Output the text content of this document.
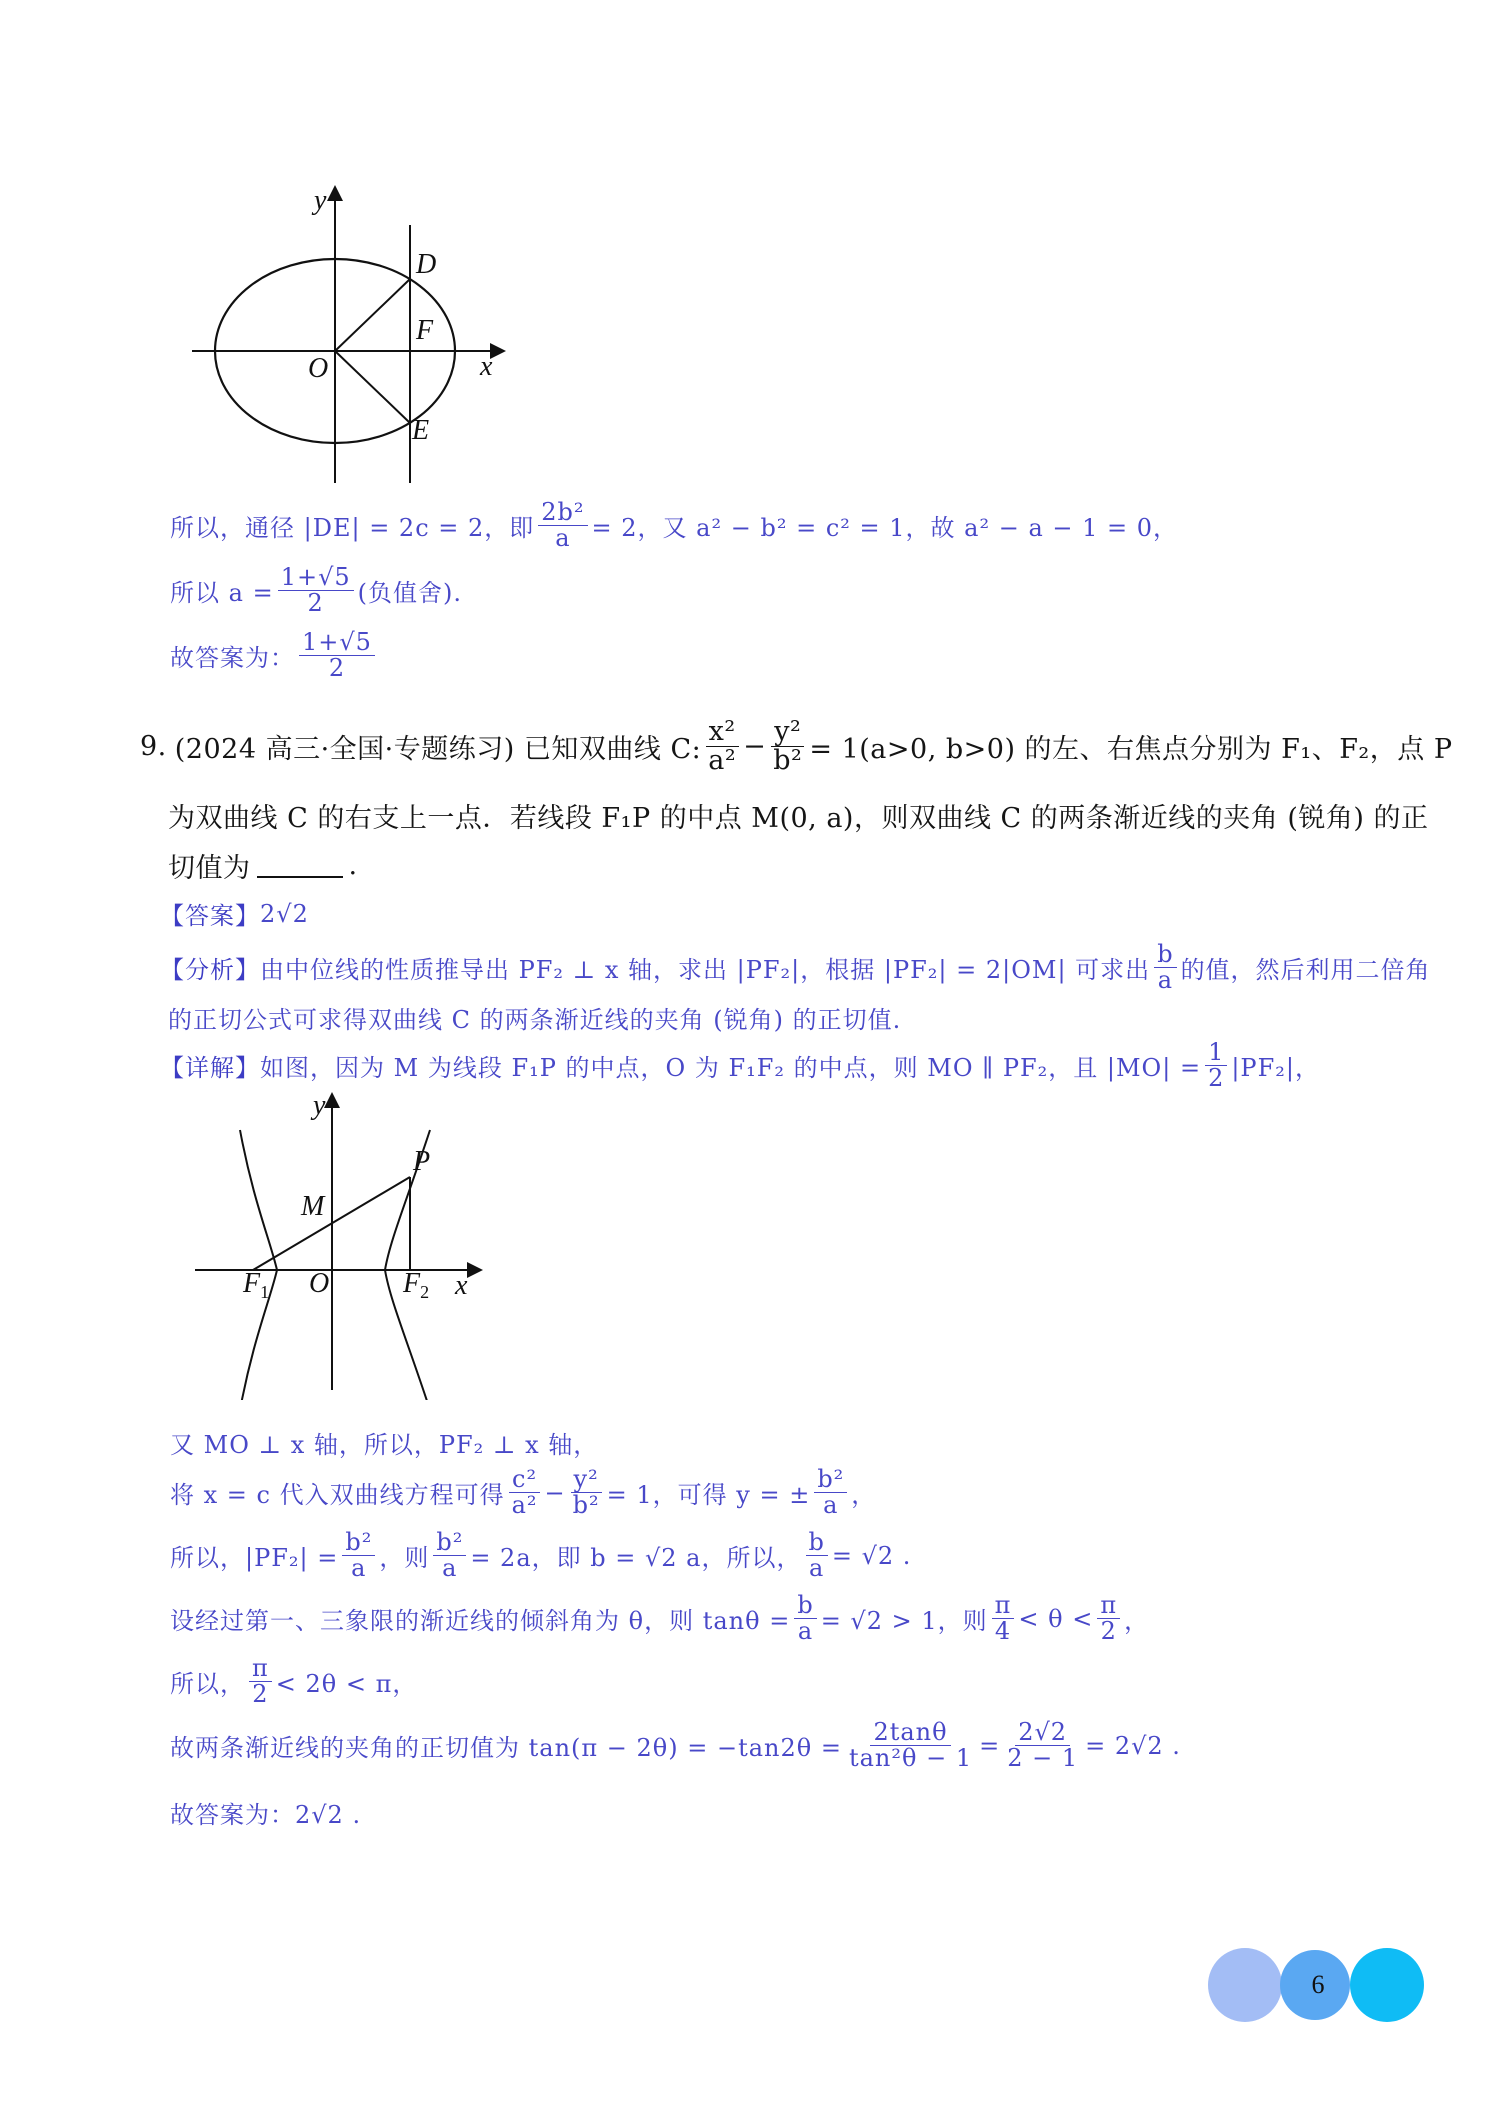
y
x
O
D
F
E
所以，通径 |DE| = 2c = 2，即 $\frac{\text{2b²}}{a} = 2$，又 a² − b² = c² = 1，故 a² − a − 1 = 0，
所以 $a = \frac{1+√5}{2}$ (负值舍).
故答案为： $\frac{1+√5}{2}$
9. (2024 高三·全国·专题练习) 已知双曲线 C: $\frac{\text{x²}}{\text{a²}} - \frac{\text{y²}}{\text{b²}} = 1(a>0$, b>0) 的左、右焦点分别为 F₁、F₂，点 P
为双曲线 C 的右支上一点．若线段 F₁P 的中点 M(0, a)，则双曲线 C 的两条渐近线的夹角 (锐角) 的正
切值为	.
【答案】 2√2
【分析】 由中位线的性质推导出 PF₂ ⊥ x 轴，求出 |PF₂|，根据 |PF₂| = 2|OM| 可求出 $\frac{b}{a}$ 的值，然后利用二倍角
的正切公式可求得双曲线 C 的两条渐近线的夹角 (锐角) 的正切值.
【详解】 如图，因为 M 为线段 F₁P 的中点，O 为 F₁F₂ 的中点，则 MO ∥ PF₂，且 $|MO| = \frac{1}{2} |PF_2|$，
y
x
O
M
P
$F_1$	$F_2$
又 MO ⊥ x 轴，所以，PF₂ ⊥ x 轴，
将 x = c 代入双曲线方程可得 $\frac{\text{c²}}{\text{a²}} - \frac{\text{y²}}{\text{b²}} = 1$，可得 y = ± $\frac{\text{b²}}{a}$ ，
所以，$|PF_2| = \frac{\text{b²}}{a}$ ，则 $\frac{\text{b²}}{a} = 2a$，即 b = √2 a，所以， $\frac{b}{a} = √2$ .
设经过第一、三象限的渐近线的倾斜角为 θ，则 $\tan\theta = \frac{b}{a} = √2 > 1$，则 $\frac{\pi}{4} < \theta < \frac{\pi}{2}$ ，
所以， $\frac{\pi}{2} < 2\theta < \pi$，
故两条渐近线的夹角的正切值为 $\tan(\pi - 2\theta) = -\tan 2\theta = \frac{2\tan\theta}{\text{tan²θ − 1}} = \frac{2√2}{2 - 1} = 2√2$ .
故答案为：2√2 .
6
